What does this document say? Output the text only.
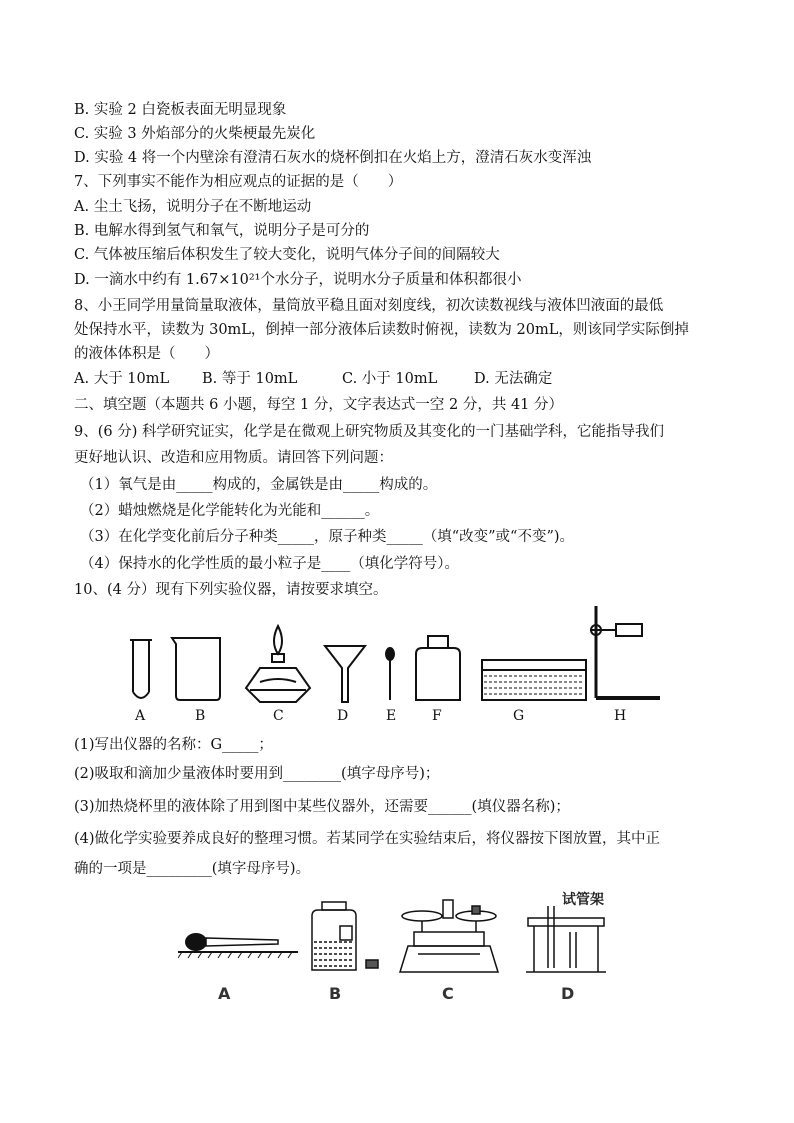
B. 实验 2 白瓷板表面无明显现象
C. 实验 3 外焰部分的火柴梗最先炭化
D. 实验 4 将一个内壁涂有澄清石灰水的烧杯倒扣在火焰上方，澄清石灰水变浑浊
7、下列事实不能作为相应观点的证据的是（　　）
A. 尘土飞扬，说明分子在不断地运动
B. 电解水得到氢气和氧气，说明分子是可分的
C. 气体被压缩后体积发生了较大变化，说明气体分子间的间隔较大
D. 一滴水中约有 1.67×10²¹个水分子，说明水分子质量和体积都很小
8、小王同学用量筒量取液体，量筒放平稳且面对刻度线，初次读数视线与液体凹液面的最低
处保持水平，读数为 30mL，倒掉一部分液体后读数时俯视，读数为 20mL，则该同学实际倒掉
的液体体积是（　　）
A. 大于 10mL B. 等于 10mL	C. 小于 10mL	D. 无法确定
二、填空题（本题共 6 小题，每空 1 分，文字表达式一空 2 分，共 41 分）
9、(6 分) 科学研究证实，化学是在微观上研究物质及其变化的一门基础学科，它能指导我们
更好地认识、改造和应用物质。请回答下列问题：
（1）氧气是由_____构成的，金属铁是由_____构成的。
（2）蜡烛燃烧是化学能转化为光能和______。
（3）在化学变化前后分子种类_____，原子种类_____（填“改变”或“不变”)。
（4）保持水的化学性质的最小粒子是____（填化学符号）。
10、(4 分）现有下列实验仪器，请按要求填空。
A	B	C	D	E	F	G	H
(1)写出仪器的名称：G_____；
(2)吸取和滴加少量液体时要用到________(填字母序号)；
(3)加热烧杯里的液体除了用到图中某些仪器外，还需要______(填仪器名称)；
(4)做化学实验要养成良好的整理习惯。若某同学在实验结束后，将仪器按下图放置，其中正
确的一项是_________(填字母序号)。
试管架
A	B	C	D
